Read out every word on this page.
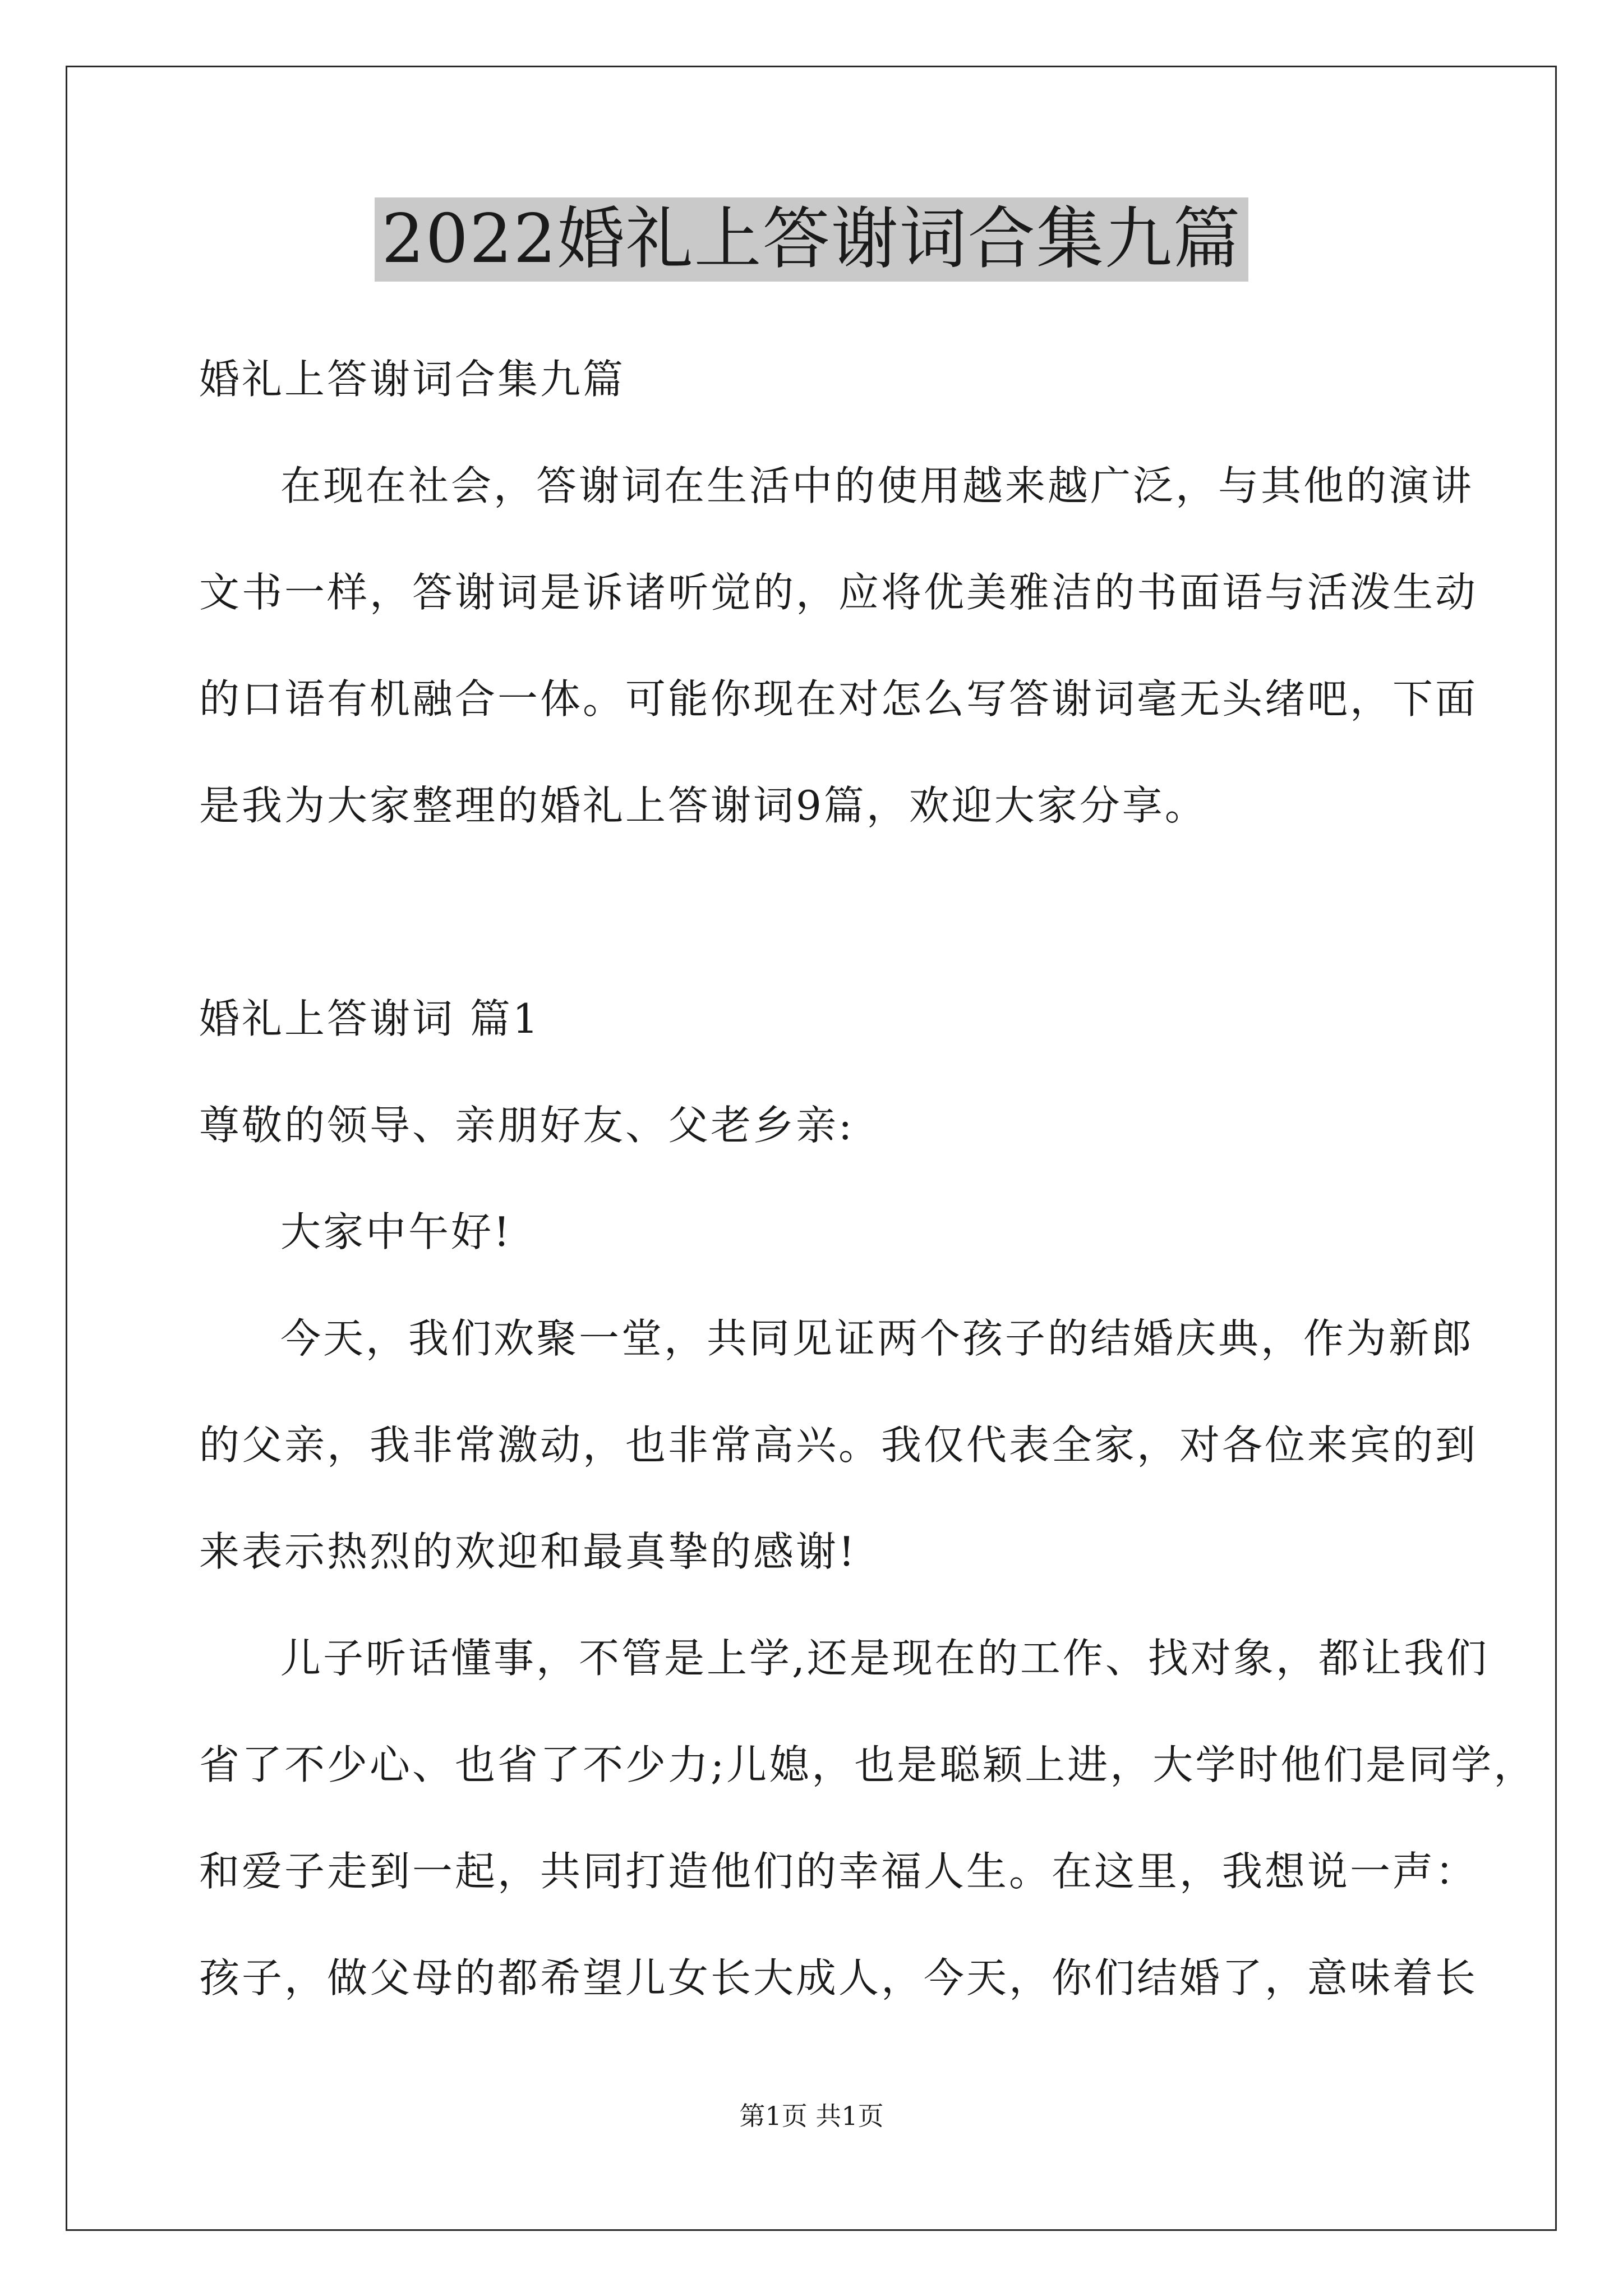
2022婚礼上答谢词合集九篇
婚礼上答谢词合集九篇
在现在社会，答谢词在生活中的使用越来越广泛，与其他的演讲
文书一样，答谢词是诉诸听觉的，应将优美雅洁的书面语与活泼生动
的口语有机融合一体。可能你现在对怎么写答谢词毫无头绪吧，下面
是我为大家整理的婚礼上答谢词9篇，欢迎大家分享。
婚礼上答谢词 篇1
尊敬的领导、亲朋好友、父老乡亲:
大家中午好!
今天，我们欢聚一堂，共同见证两个孩子的结婚庆典，作为新郎
的父亲，我非常激动，也非常高兴。我仅代表全家，对各位来宾的到
来表示热烈的欢迎和最真挚的感谢!
儿子听话懂事，不管是上学,还是现在的工作、找对象，都让我们
省了不少心、也省了不少力;儿媳，也是聪颖上进，大学时他们是同学，
和爱子走到一起，共同打造他们的幸福人生。在这里，我想说一声：
孩子，做父母的都希望儿女长大成人，今天，你们结婚了，意味着长
第1页 共1页
